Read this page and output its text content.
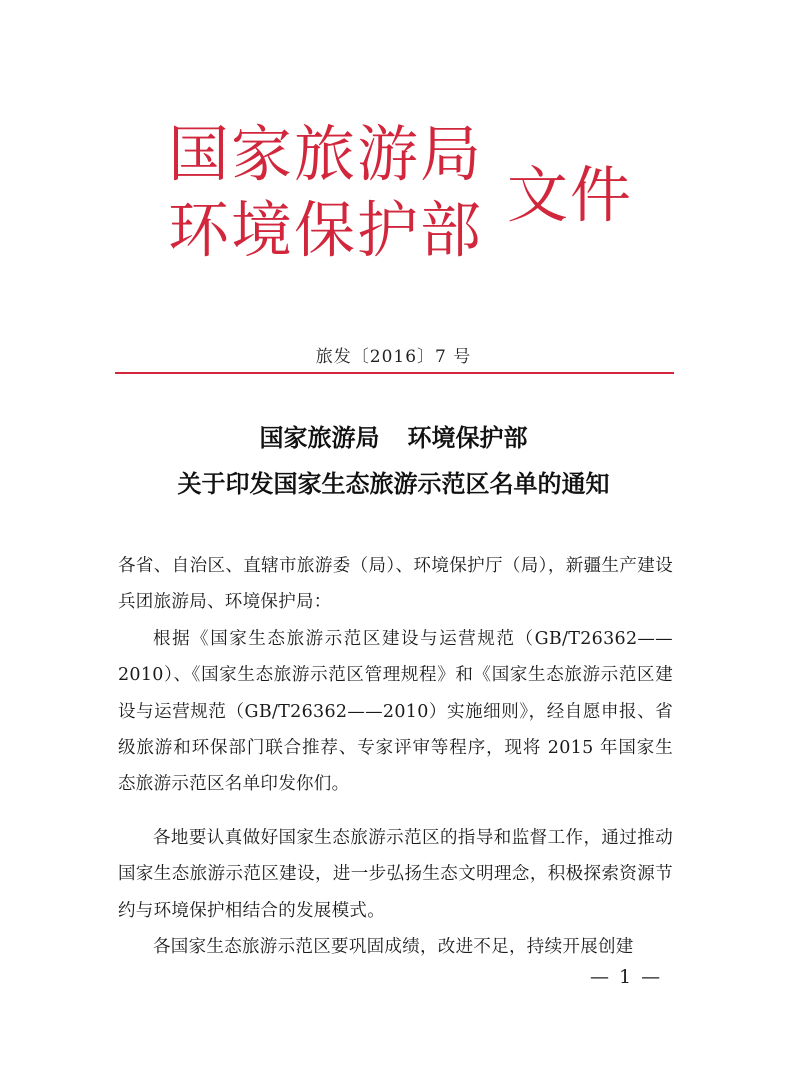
国家旅游局
环境保护部 文件
旅发〔2016〕7 号
国家旅游局 环境保护部
关于印发国家生态旅游示范区名单的通知
各省、自治区、直辖市旅游委（局）、环境保护厅（局），新疆生产建设兵团旅游局、环境保护局：
根据《国家生态旅游示范区建设与运营规范（GB/T26362——2010）、《国家生态旅游示范区管理规程》和《国家生态旅游示范区建设与运营规范（GB/T26362——2010）实施细则》，经自愿申报、省级旅游和环保部门联合推荐、专家评审等程序，现将 2015 年国家生态旅游示范区名单印发你们。
各地要认真做好国家生态旅游示范区的指导和监督工作，通过推动国家生态旅游示范区建设，进一步弘扬生态文明理念，积极探索资源节约与环境保护相结合的发展模式。
各国家生态旅游示范区要巩固成绩，改进不足，持续开展创建
— 1 —
